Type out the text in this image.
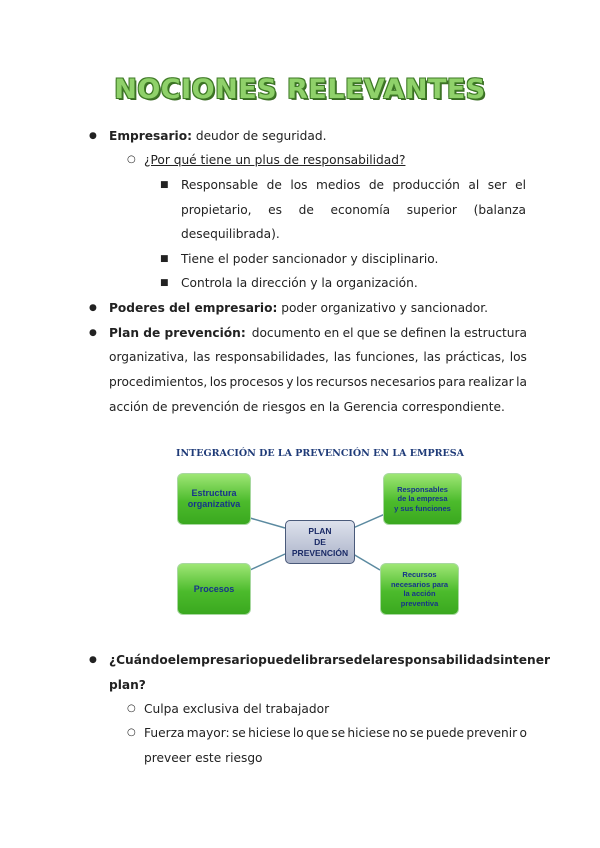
NOCIONES RELEVANTES
● Empresario: deudor de seguridad.
○ ¿Por qué tiene un plus de responsabilidad?
■ Responsable de los medios de producción al ser el
propietario, es de economía superior (balanza
desequilibrada).
■ Tiene el poder sancionador y disciplinario.
■ Controla la dirección y la organización.
● Poderes del empresario: poder organizativo y sancionador.
● Plan de prevención: documento en el que se definen la estructura
organizativa, las responsabilidades, las funciones, las prácticas, los
procedimientos, los procesos y los recursos necesarios para realizar la
acción de prevención de riesgos en la Gerencia correspondiente.
INTEGRACIÓN DE LA PREVENCIÓN EN LA EMPRESA
Estructura
organizativa
Procesos
Responsables
de la empresa
y sus funciones
Recursos
necesarios para
la acción
preventiva
PLAN
DE
PREVENCIÓN
● ¿Cuándo el empresario puede librarse de la responsabilidad sin tener
plan?
○ Culpa exclusiva del trabajador
○ Fuerza mayor: se hiciese lo que se hiciese no se puede prevenir o
preveer este riesgo
